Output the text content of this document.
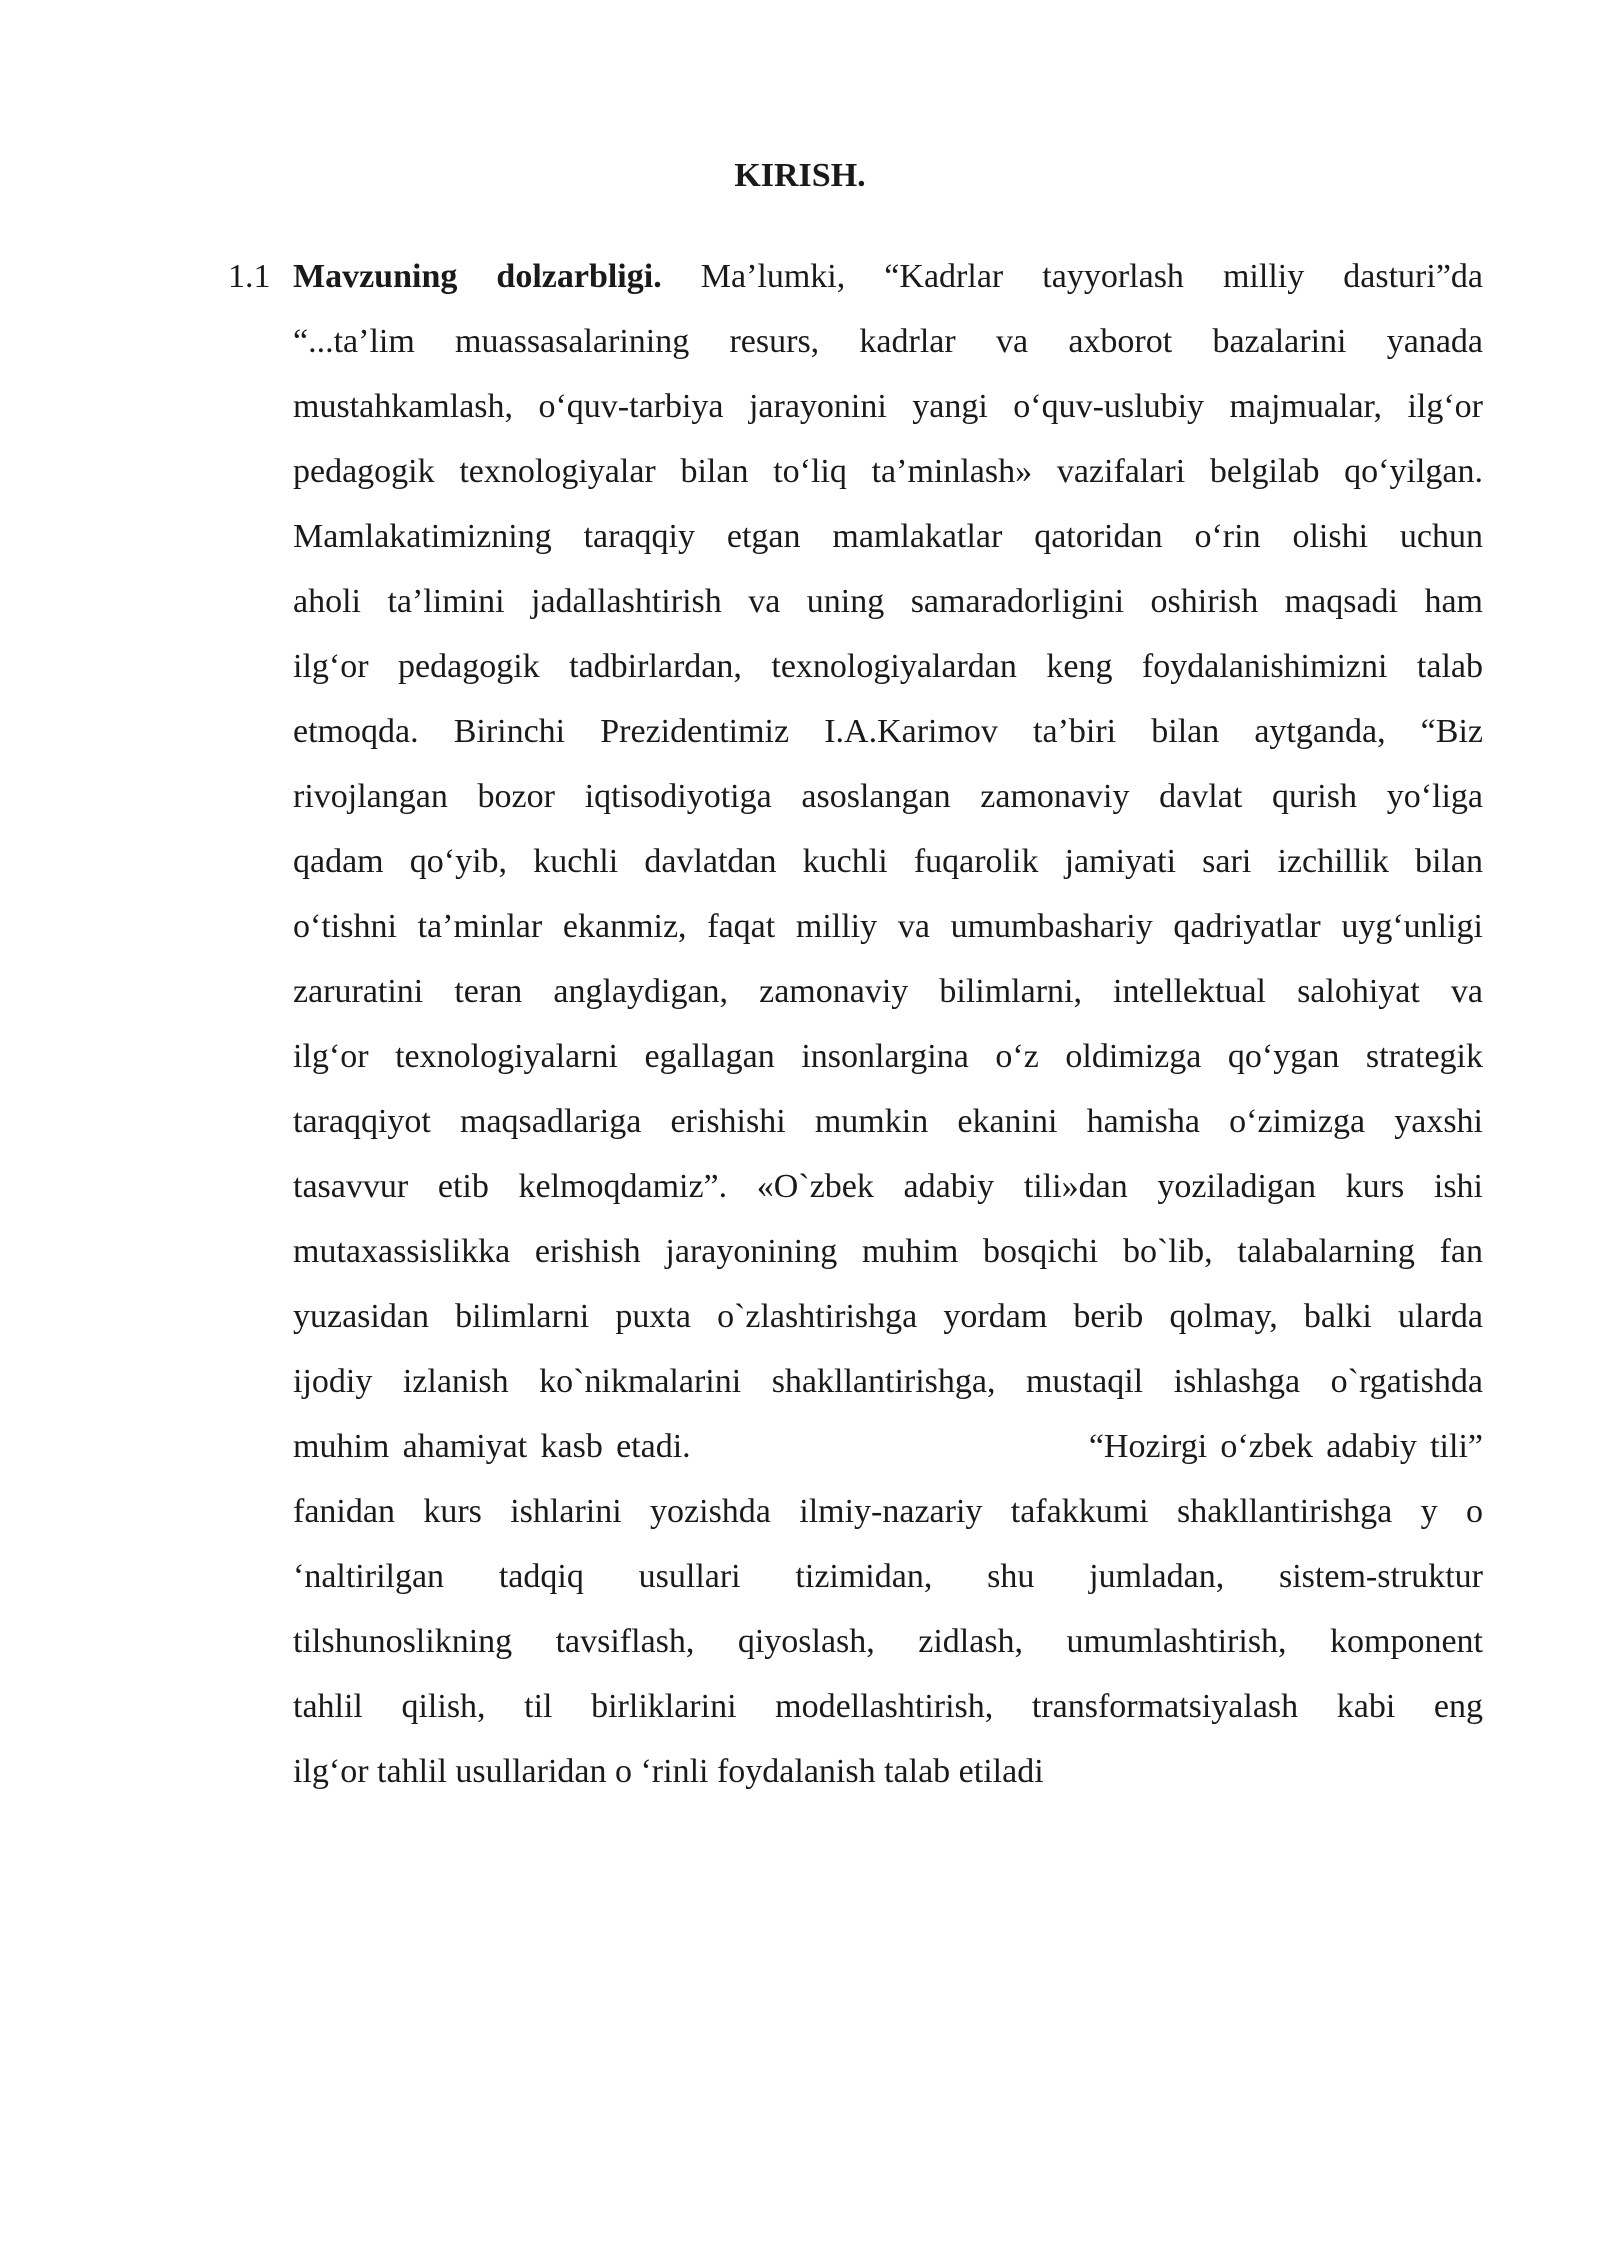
KIRISH.
1.1 Mavzuning dolzarbligi. Ma’lumki, “Kadrlar tayyorlash milliy dasturi”da
“...ta’lim muassasalarining resurs, kadrlar va axborot bazalarini yanada
mustahkamlash, o‘quv-tarbiya jarayonini yangi o‘quv-uslubiy majmualar, ilg‘or
pedagogik texnologiyalar bilan to‘liq ta’minlash» vazifalari belgilab qo‘yilgan.
Mamlakatimizning taraqqiy etgan mamlakatlar qatoridan o‘rin olishi uchun
aholi ta’limini jadallashtirish va uning samaradorligini oshirish maqsadi ham
ilg‘or pedagogik tadbirlardan, texnologiyalardan keng foydalanishimizni talab
etmoqda. Birinchi Prezidentimiz I.A.Karimov ta’biri bilan aytganda, “Biz
rivojlangan bozor iqtisodiyotiga asoslangan zamonaviy davlat qurish yo‘liga
qadam qo‘yib, kuchli davlatdan kuchli fuqarolik jamiyati sari izchillik bilan
o‘tishni ta’minlar ekanmiz, faqat milliy va umumbashariy qadriyatlar uyg‘unligi
zaruratini teran anglaydigan, zamonaviy bilimlarni, intellektual salohiyat va
ilg‘or texnologiyalarni egallagan insonlargina o‘z oldimizga qo‘ygan strategik
taraqqiyot maqsadlariga erishishi mumkin ekanini hamisha o‘zimizga yaxshi
tasavvur etib kelmoqdamiz”. «O`zbek adabiy tili»dan yoziladigan kurs ishi
mutaxassislikka erishish jarayonining muhim bosqichi bo`lib, talabalarning fan
yuzasidan bilimlarni puxta o`zlashtirishga yordam berib qolmay, balki ularda
ijodiy izlanish ko`nikmalarini shakllantirishga, mustaqil ishlashga o`rgatishda
muhim ahamiyat kasb etadi.                              “Hozirgi o‘zbek adabiy tili”
fanidan kurs ishlarini yozishda ilmiy-nazariy tafakkumi shakllantirishga y o
‘naltirilgan tadqiq usullari tizimidan, shu jumladan, sistem-struktur
tilshunoslikning tavsiflash, qiyoslash, zidlash, umumlashtirish, komponent
tahlil qilish, til birliklarini modellashtirish, transformatsiyalash kabi eng
ilg‘or tahlil usullaridan o ‘rinli foydalanish talab etiladi
